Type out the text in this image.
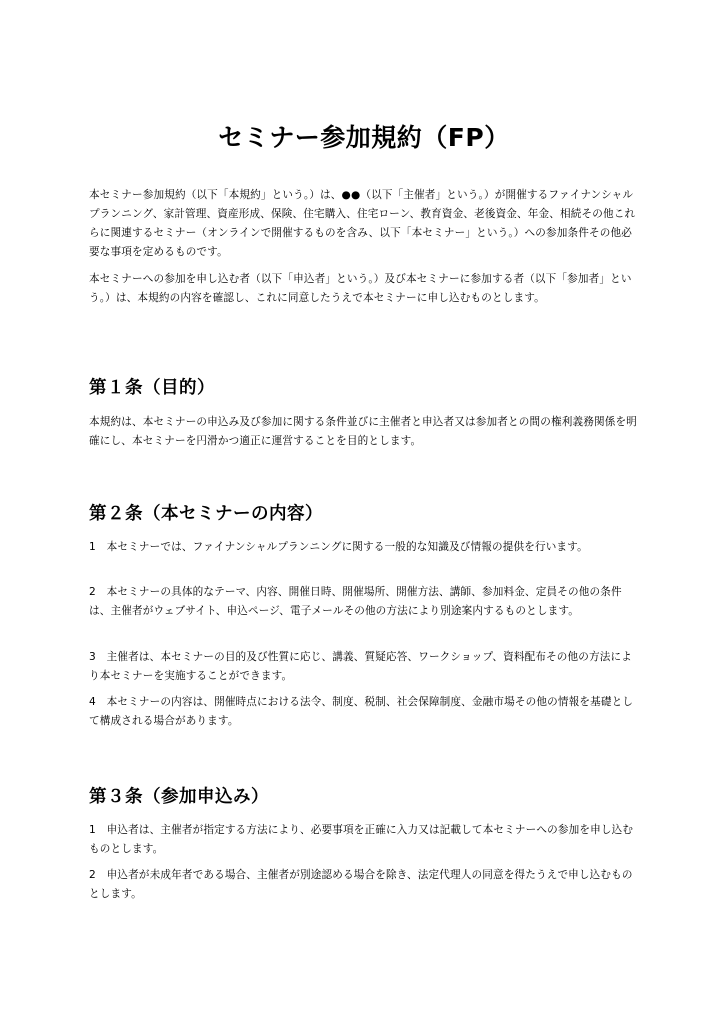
セミナー参加規約（FP）

本セミナー参加規約（以下「本規約」という。）は、●●（以下「主催者」という。）が開催するファイナンシャルプランニング、家計管理、資産形成、保険、住宅購入、住宅ローン、教育資金、老後資金、年金、相続その他これらに関連するセミナー（オンラインで開催するものを含み、以下「本セミナー」という。）への参加条件その他必要な事項を定めるものです。

本セミナーへの参加を申し込む者（以下「申込者」という。）及び本セミナーに参加する者（以下「参加者」という。）は、本規約の内容を確認し、これに同意したうえで本セミナーに申し込むものとします。

第１条（目的）

本規約は、本セミナーの申込み及び参加に関する条件並びに主催者と申込者又は参加者との間の権利義務関係を明確にし、本セミナーを円滑かつ適正に運営することを目的とします。

第２条（本セミナーの内容）

1　本セミナーでは、ファイナンシャルプランニングに関する一般的な知識及び情報の提供を行います。

2　本セミナーの具体的なテーマ、内容、開催日時、開催場所、開催方法、講師、参加料金、定員その他の条件は、主催者がウェブサイト、申込ページ、電子メールその他の方法により別途案内するものとします。

3　主催者は、本セミナーの目的及び性質に応じ、講義、質疑応答、ワークショップ、資料配布その他の方法により本セミナーを実施することができます。

4　本セミナーの内容は、開催時点における法令、制度、税制、社会保障制度、金融市場その他の情報を基礎として構成される場合があります。

第３条（参加申込み）

1　申込者は、主催者が指定する方法により、必要事項を正確に入力又は記載して本セミナーへの参加を申し込むものとします。

2　申込者が未成年者である場合、主催者が別途認める場合を除き、法定代理人の同意を得たうえで申し込むものとします。
